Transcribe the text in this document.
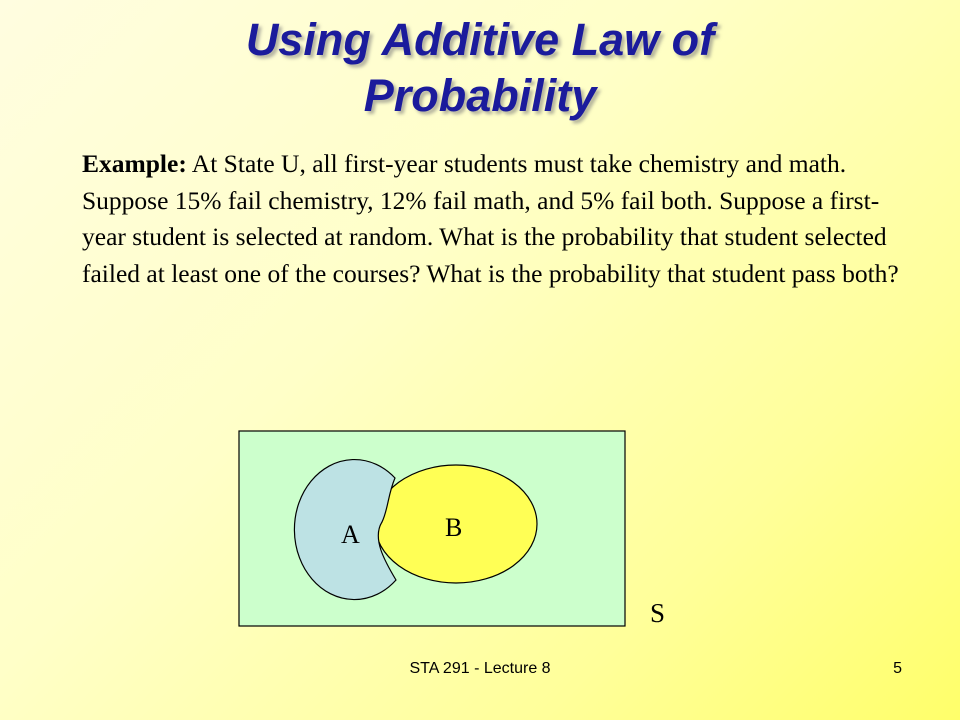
Using Additive Law of
Probability
Example: At State U, all first-year students must take chemistry and math. Suppose 15% fail chemistry, 12% fail math, and 5% fail both. Suppose a first-year student is selected at random. What is the probability that student selected failed at least one of the courses? What is the probability that student pass both?
A	B
S
STA 291 - Lecture 8	5
